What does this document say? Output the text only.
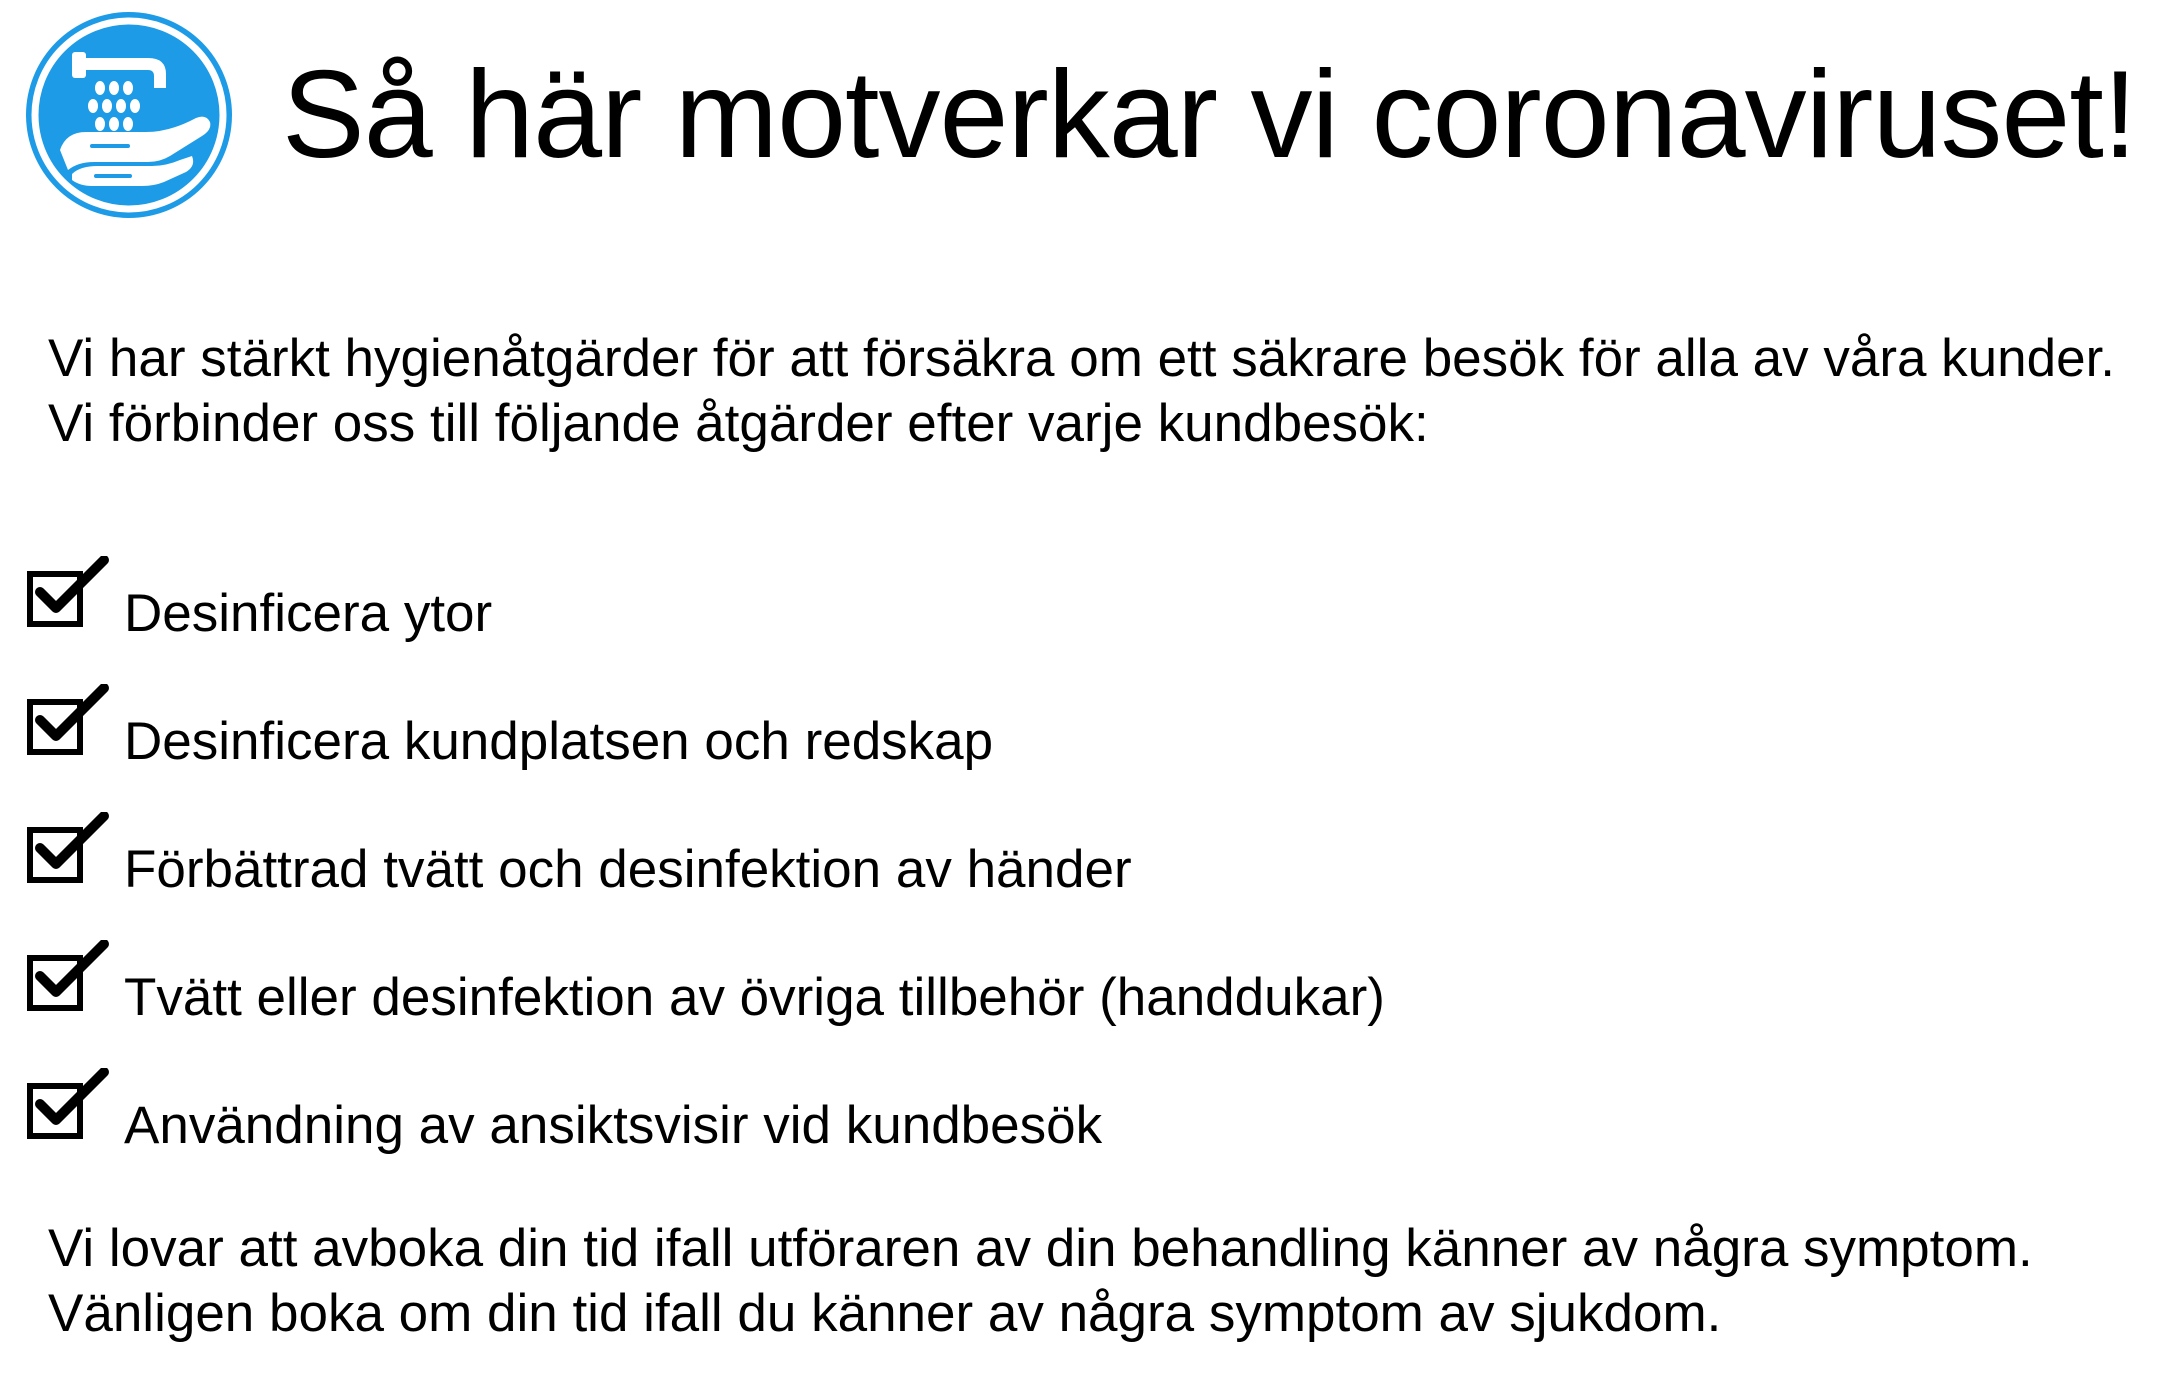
Så här motverkar vi coronaviruset!

Vi har stärkt hygienåtgärder för att försäkra om ett säkrare besök för alla av våra kunder. Vi förbinder oss till följande åtgärder efter varje kundbesök:

Desinficera ytor
Desinficera kundplatsen och redskap
Förbättrad tvätt och desinfektion av händer
Tvätt eller desinfektion av övriga tillbehör (handdukar)
Användning av ansiktsvisir vid kundbesök

Vi lovar att avboka din tid ifall utföraren av din behandling känner av några symptom. Vänligen boka om din tid ifall du känner av några symptom av sjukdom.
